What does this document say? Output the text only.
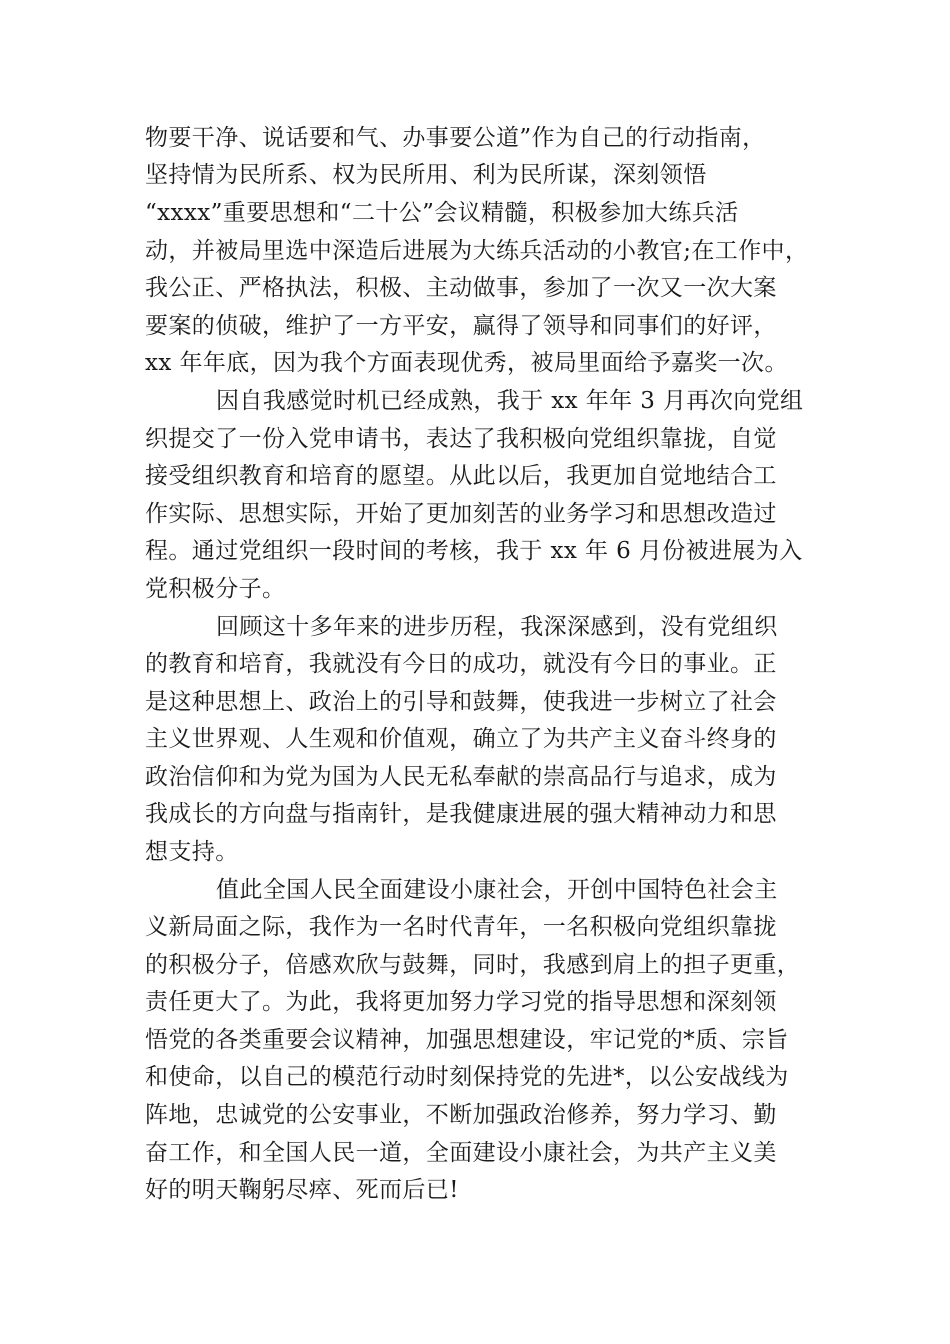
物要干净、说话要和气、办事要公道”作为自己的行动指南，
坚持情为民所系、权为民所用、利为民所谋，深刻领悟
“xxxx”重要思想和“二十公”会议精髓，积极参加大练兵活
动，并被局里选中深造后进展为大练兵活动的小教官;在工作中，
我公正、严格执法，积极、主动做事，参加了一次又一次大案
要案的侦破，维护了一方平安，赢得了领导和同事们的好评，
xx 年年底，因为我个方面表现优秀，被局里面给予嘉奖一次。
因自我感觉时机已经成熟，我于 xx 年年 3 月再次向党组
织提交了一份入党申请书，表达了我积极向党组织靠拢，自觉
接受组织教育和培育的愿望。从此以后，我更加自觉地结合工
作实际、思想实际，开始了更加刻苦的业务学习和思想改造过
程。通过党组织一段时间的考核，我于 xx 年 6 月份被进展为入
党积极分子。
回顾这十多年来的进步历程，我深深感到，没有党组织
的教育和培育，我就没有今日的成功，就没有今日的事业。正
是这种思想上、政治上的引导和鼓舞，使我进一步树立了社会
主义世界观、人生观和价值观，确立了为共产主义奋斗终身的
政治信仰和为党为国为人民无私奉献的崇高品行与追求，成为
我成长的方向盘与指南针，是我健康进展的强大精神动力和思
想支持。
值此全国人民全面建设小康社会，开创中国特色社会主
义新局面之际，我作为一名时代青年，一名积极向党组织靠拢
的积极分子，倍感欢欣与鼓舞，同时，我感到肩上的担子更重，
责任更大了。为此，我将更加努力学习党的指导思想和深刻领
悟党的各类重要会议精神，加强思想建设，牢记党的*质、宗旨
和使命，以自己的模范行动时刻保持党的先进*，以公安战线为
阵地，忠诚党的公安事业，不断加强政治修养，努力学习、勤
奋工作，和全国人民一道，全面建设小康社会，为共产主义美
好的明天鞠躬尽瘁、死而后已!
